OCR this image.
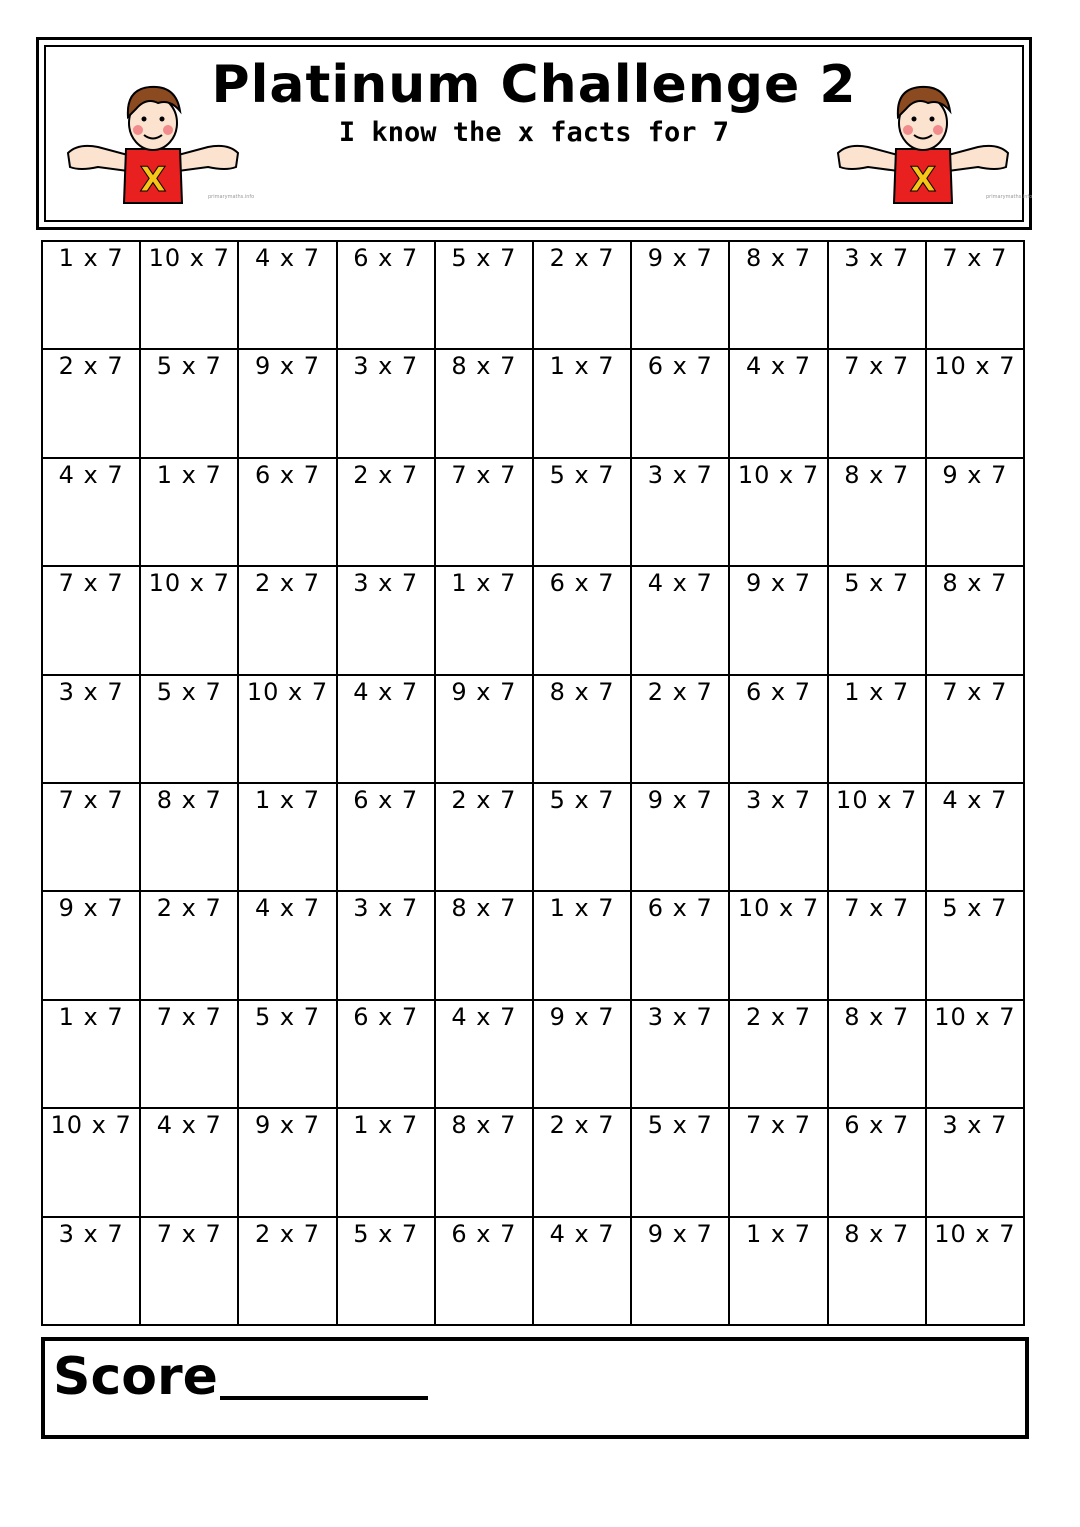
X	primarymaths.info
Platinum Challenge 2
I know the x facts for 7
X	primarymaths.info
1 x 7	10 x 7	4 x 7	6 x 7	5 x 7	2 x 7	9 x 7	8 x 7	3 x 7	7 x 7
2 x 7	5 x 7	9 x 7	3 x 7	8 x 7	1 x 7	6 x 7	4 x 7	7 x 7	10 x 7
4 x 7	1 x 7	6 x 7	2 x 7	7 x 7	5 x 7	3 x 7	10 x 7	8 x 7	9 x 7
7 x 7	10 x 7	2 x 7	3 x 7	1 x 7	6 x 7	4 x 7	9 x 7	5 x 7	8 x 7
3 x 7	5 x 7	10 x 7	4 x 7	9 x 7	8 x 7	2 x 7	6 x 7	1 x 7	7 x 7
7 x 7	8 x 7	1 x 7	6 x 7	2 x 7	5 x 7	9 x 7	3 x 7	10 x 7	4 x 7
9 x 7	2 x 7	4 x 7	3 x 7	8 x 7	1 x 7	6 x 7	10 x 7	7 x 7	5 x 7
1 x 7	7 x 7	5 x 7	6 x 7	4 x 7	9 x 7	3 x 7	2 x 7	8 x 7	10 x 7
10 x 7	4 x 7	9 x 7	1 x 7	8 x 7	2 x 7	5 x 7	7 x 7	6 x 7	3 x 7
3 x 7	7 x 7	2 x 7	5 x 7	6 x 7	4 x 7	9 x 7	1 x 7	8 x 7	10 x 7
Score
